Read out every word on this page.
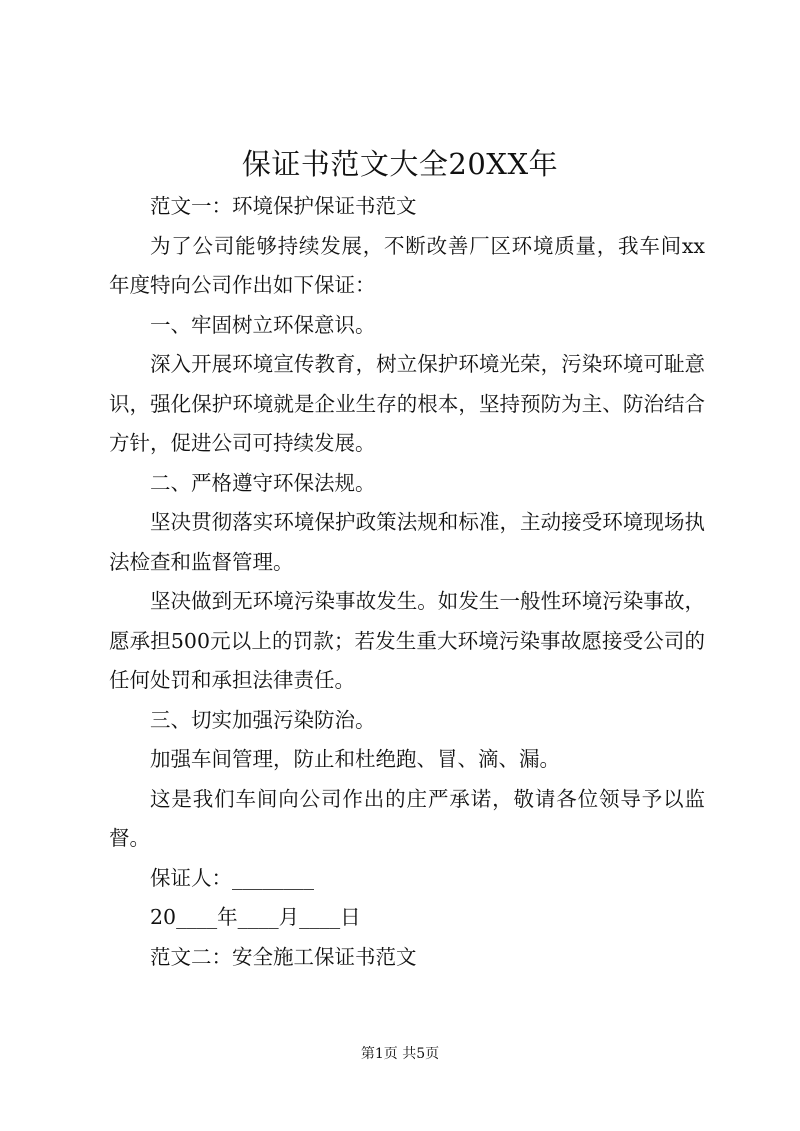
保证书范文大全20XX年

范文一：环境保护保证书范文

为了公司能够持续发展，不断改善厂区环境质量，我车间xx年度特向公司作出如下保证：

一、牢固树立环保意识。

深入开展环境宣传教育，树立保护环境光荣，污染环境可耻意识，强化保护环境就是企业生存的根本，坚持预防为主、防治结合方针，促进公司可持续发展。

二、严格遵守环保法规。

坚决贯彻落实环境保护政策法规和标准，主动接受环境现场执法检查和监督管理。

坚决做到无环境污染事故发生。如发生一般性环境污染事故，愿承担500元以上的罚款；若发生重大环境污染事故愿接受公司的任何处罚和承担法律责任。

三、切实加强污染防治。

加强车间管理，防止和杜绝跑、冒、滴、漏。

这是我们车间向公司作出的庄严承诺，敬请各位领导予以监督。

保证人：________

20____年____月____日

范文二：安全施工保证书范文

第1页 共5页
